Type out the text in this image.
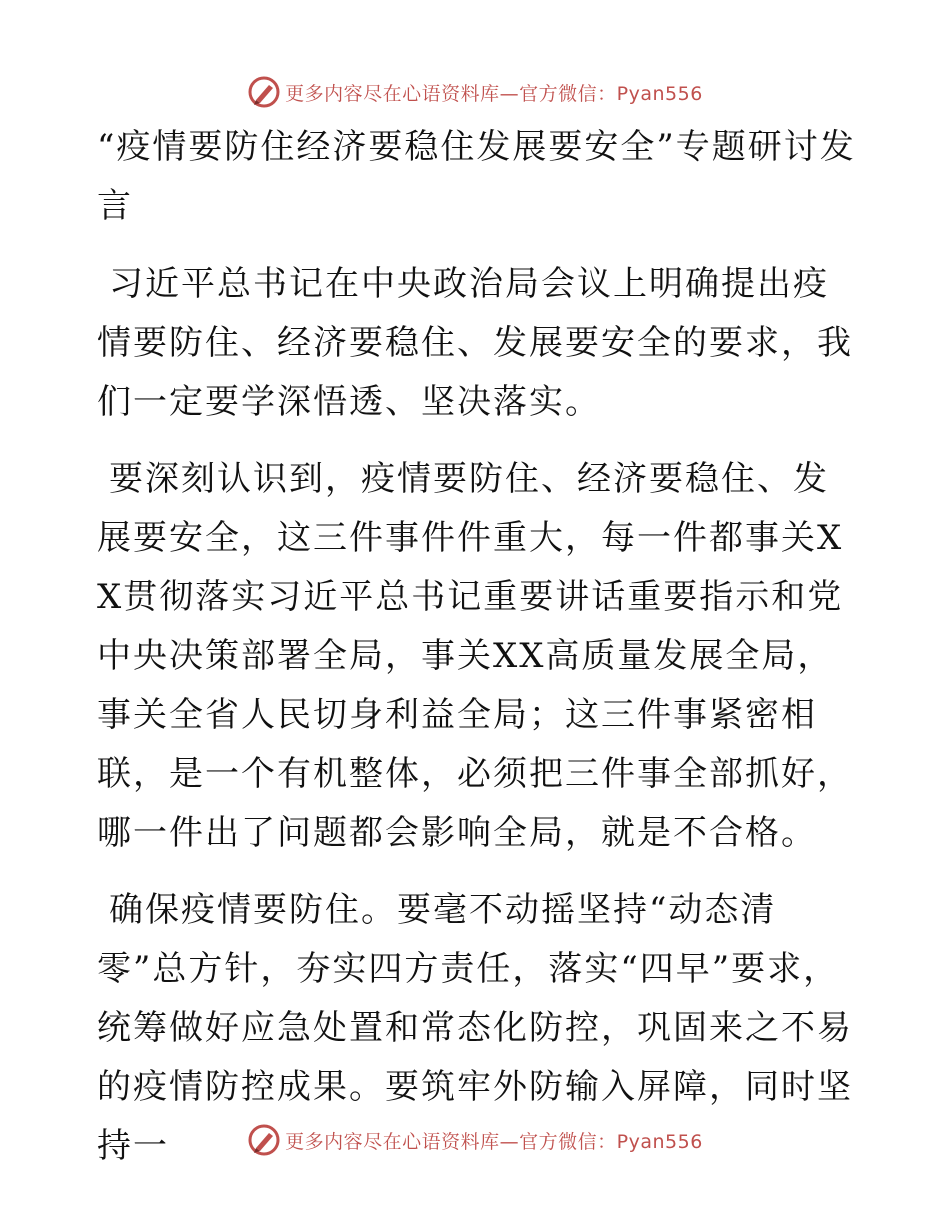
更多内容尽在心语资料库—官方微信：Pyan556

“疫情要防住经济要稳住发展要安全”专题研讨发言

习近平总书记在中央政治局会议上明确提出疫情要防住、经济要稳住、发展要安全的要求，我们一定要学深悟透、坚决落实。

要深刻认识到，疫情要防住、经济要稳住、发展要安全，这三件事件件重大，每一件都事关XX贯彻落实习近平总书记重要讲话重要指示和党中央决策部署全局，事关XX高质量发展全局，事关全省人民切身利益全局；这三件事紧密相联，是一个有机整体，必须把三件事全部抓好，哪一件出了问题都会影响全局，就是不合格。

确保疫情要防住。要毫不动摇坚持“动态清零”总方针，夯实四方责任，落实“四早”要求，统筹做好应急处置和常态化防控，巩固来之不易的疫情防控成果。要筑牢外防输入屏障，同时坚持一	更多内容尽在心语资料库—官方微信：Pyan556
